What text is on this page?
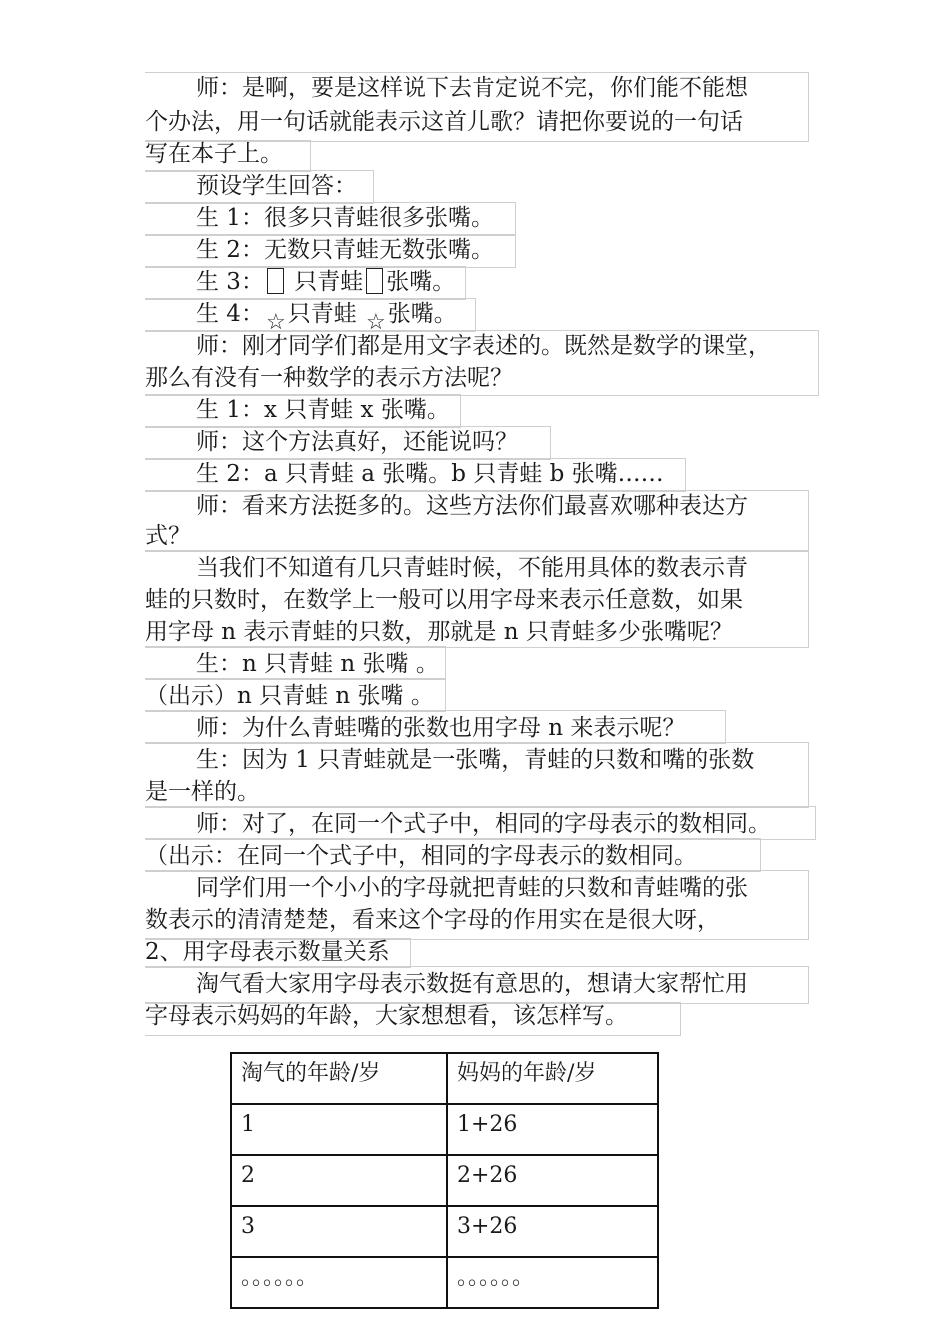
师：是啊，要是这样说下去肯定说不完，你们能不能想
个办法，用一句话就能表示这首儿歌？请把你要说的一句话
写在本子上。
预设学生回答：
生 1：很多只青蛙很多张嘴。
生 2：无数只青蛙无数张嘴。
生 3： 只青蛙 张嘴。
生 4：☆只青蛙 ☆张嘴。
师：刚才同学们都是用文字表述的。既然是数学的课堂，
那么有没有一种数学的表示方法呢？
生 1：x 只青蛙 x 张嘴。
师：这个方法真好，还能说吗？
生 2：a 只青蛙 a 张嘴。b 只青蛙 b 张嘴……
师：看来方法挺多的。这些方法你们最喜欢哪种表达方
式？
当我们不知道有几只青蛙时候，不能用具体的数表示青
蛙的只数时，在数学上一般可以用字母来表示任意数，如果
用字母 n 表示青蛙的只数，那就是 n 只青蛙多少张嘴呢？
生：n 只青蛙 n 张嘴 。
（出示）n 只青蛙 n 张嘴 。
师：为什么青蛙嘴的张数也用字母 n 来表示呢？
生：因为 1 只青蛙就是一张嘴，青蛙的只数和嘴的张数
是一样的。
师：对了，在同一个式子中，相同的字母表示的数相同。
（出示：在同一个式子中，相同的字母表示的数相同。
同学们用一个小小的字母就把青蛙的只数和青蛙嘴的张
数表示的清清楚楚，看来这个字母的作用实在是很大呀，
2、用字母表示数量关系
淘气看大家用字母表示数挺有意思的，想请大家帮忙用
字母表示妈妈的年龄，大家想想看，该怎样写。
淘气的年龄/岁	妈妈的年龄/岁
1	1+26
2	2+26
3	3+26
。。。。。。	。。。。。。
